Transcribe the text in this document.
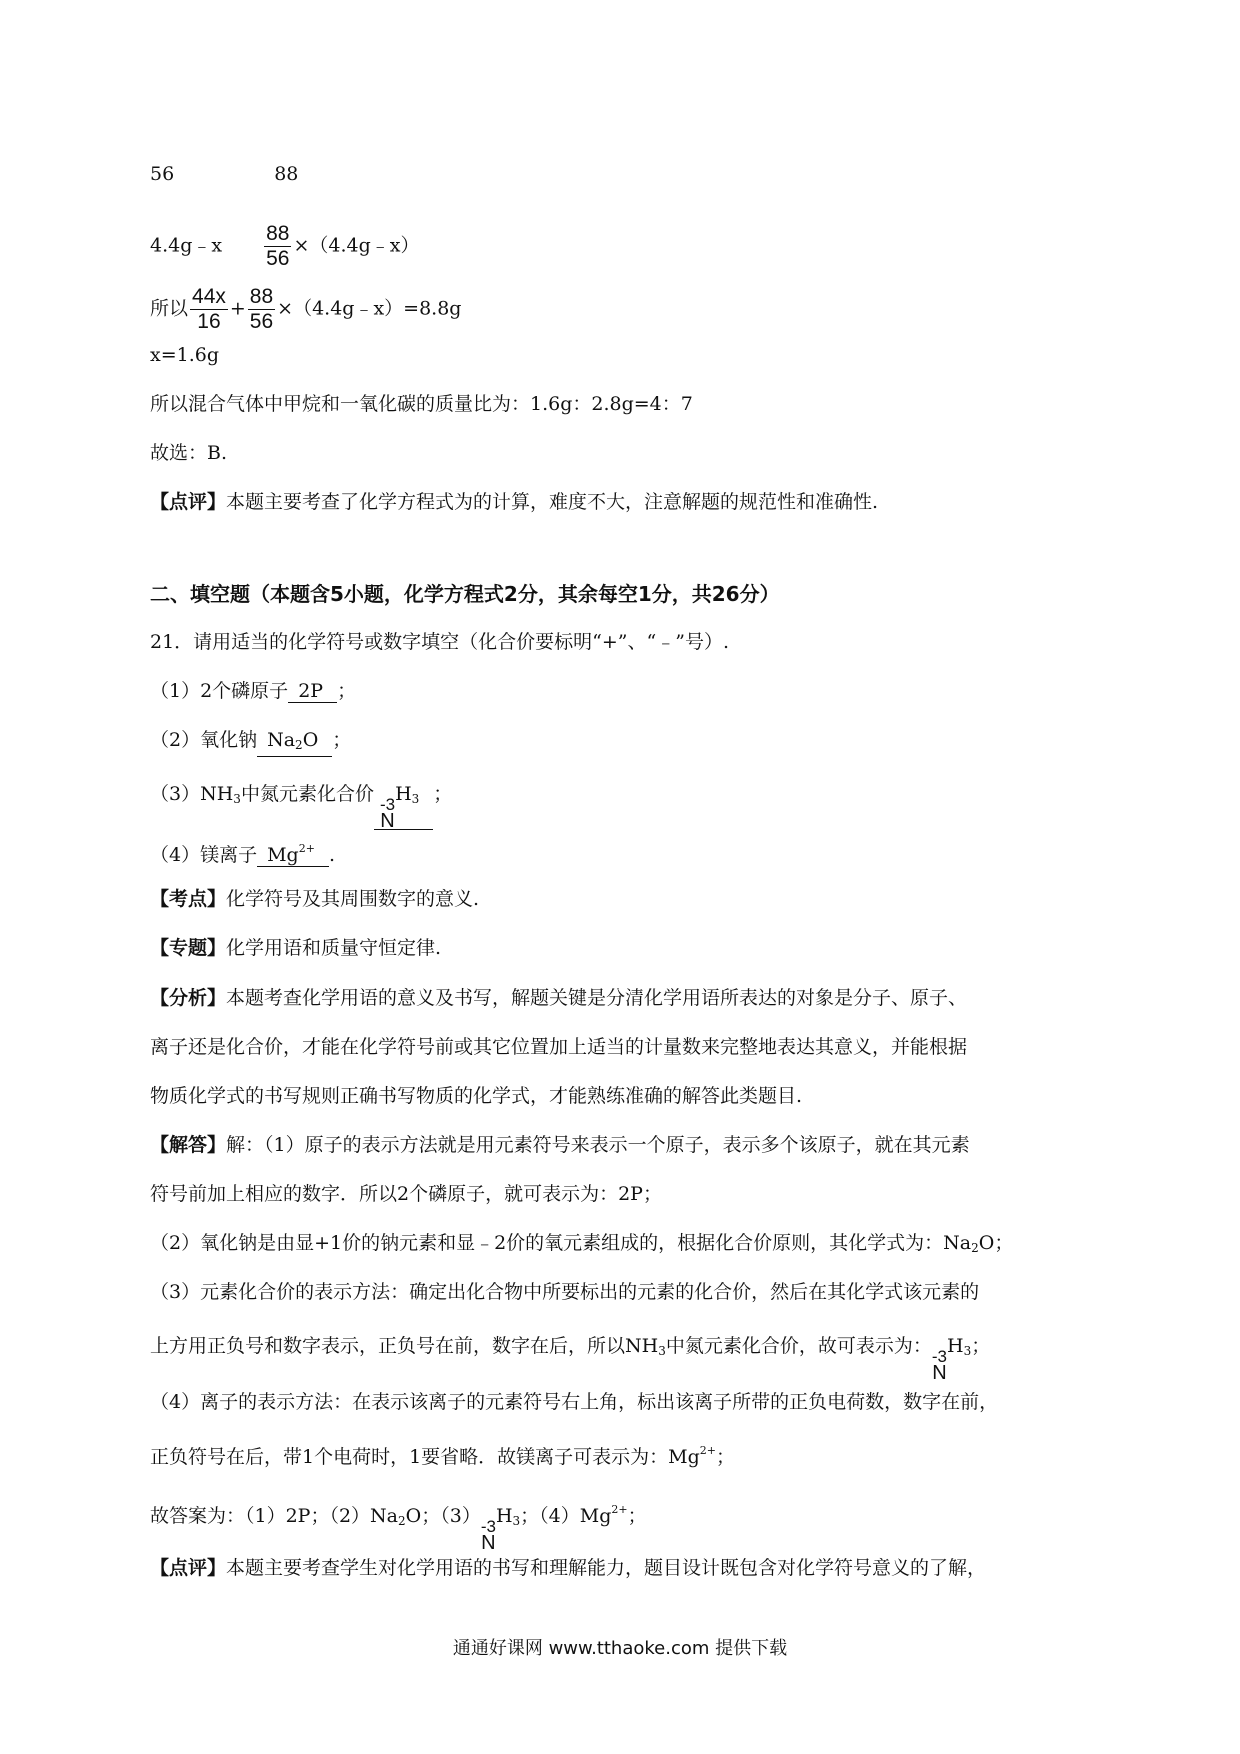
56	88
4.4g﹣x $\frac{88}{56}$ ×（4.4g﹣x）
所以 $\frac{44x}{16} + \frac{88}{56}$ ×（4.4g﹣x）=8.8g
x=1.6g
所以混合气体中甲烷和一氧化碳的质量比为：1.6g：2.8g=4：7
故选：B.
【点评】本题主要考查了化学方程式为的计算，难度不大，注意解题的规范性和准确性.
二、填空题（本题含5小题，化学方程式2分，其余每空1分，共26分）
21．请用适当的化学符号或数字填空（化合价要标明“+”、“﹣”号）.
（1）2个磷原子 2P ；
（2）氧化钠 $Na_2O$ ；
$(3)NH_3$中氮元素化合价 -3
N
$H_3$ ；
（4）镁离子 $Mg^{2+}$ .
【考点】化学符号及其周围数字的意义.
【专题】化学用语和质量守恒定律.
【分析】本题考查化学用语的意义及书写，解题关键是分清化学用语所表达的对象是分子、原子、
离子还是化合价，才能在化学符号前或其它位置加上适当的计量数来完整地表达其意义，并能根据
物质化学式的书写规则正确书写物质的化学式，才能熟练准确的解答此类题目.
【解答】解：（1）原子的表示方法就是用元素符号来表示一个原子，表示多个该原子，就在其元素
符号前加上相应的数字．所以2个磷原子，就可表示为：2P；
（2）氧化钠是由显+1价的钠元素和显﹣2价的氧元素组成的，根据化合价原则，其化学式为：$Na_2O$；
（3）元素化合价的表示方法：确定出化合物中所要标出的元素的化合价，然后在其化学式该元素的
上方用正负号和数字表示，正负号在前，数字在后，所以$NH_3$中氮元素化合价，故可表示为： -3
N
$H_3$；
（4）离子的表示方法：在表示该离子的元素符号右上角，标出该离子所带的正负电荷数，数字在前，
正负符号在后，带1个电荷时，1要省略．故镁离子可表示为：$Mg^{2+}$；
故答案为：（1）2P；$(2)Na_2O$；（3） -3
N
$H_3$；$(4)Mg^{2+}$；
【点评】本题主要考查学生对化学用语的书写和理解能力，题目设计既包含对化学符号意义的了解，
通通好课网 www.tthaoke.com 提供下载
